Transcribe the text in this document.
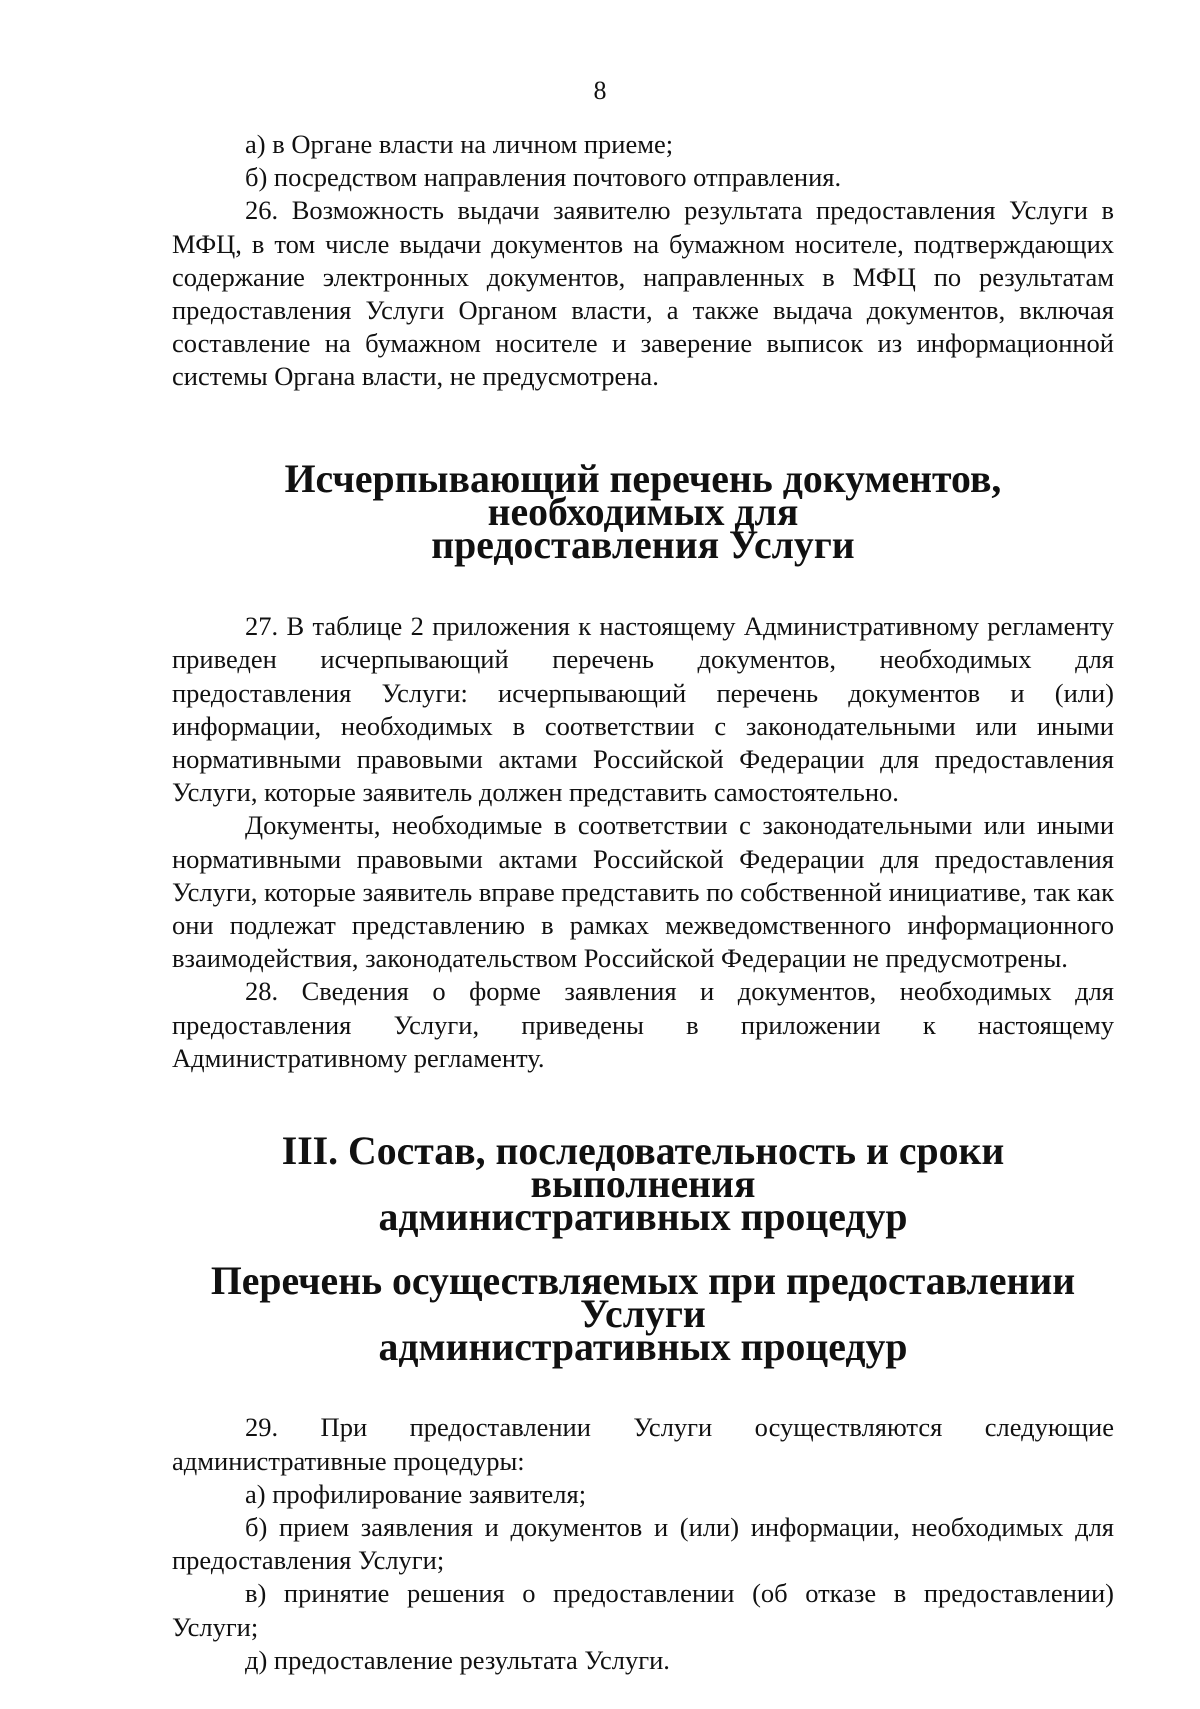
8

а) в Органе власти на личном приеме;

б) посредством направления почтового отправления.

26. Возможность выдачи заявителю результата предоставления Услуги в МФЦ, в том числе выдачи документов на бумажном носителе, подтверждающих содержание электронных документов, направленных в МФЦ по результатам предоставления Услуги Органом власти, а также выдача документов, включая составление на бумажном носителе и заверение выписок из информационной системы Органа власти, не предусмотрена.

Исчерпывающий перечень документов, необходимых для
предоставления Услуги

27. В таблице 2 приложения к настоящему Административному регламенту приведен исчерпывающий перечень документов, необходимых для предоставления Услуги: исчерпывающий перечень документов и (или) информации, необходимых в соответствии с законодательными или иными нормативными правовыми актами Российской Федерации для предоставления Услуги, которые заявитель должен представить самостоятельно.

Документы, необходимые в соответствии с законодательными или иными нормативными правовыми актами Российской Федерации для предоставления Услуги, которые заявитель вправе представить по собственной инициативе, так как они подлежат представлению в рамках межведомственного информационного взаимодействия, законодательством Российской Федерации не предусмотрены.

28. Сведения о форме заявления и документов, необходимых для предоставления Услуги, приведены в приложении к настоящему Административному регламенту.

III. Состав, последовательность и сроки выполнения
административных процедур
Перечень осуществляемых при предоставлении Услуги
административных процедур

29. При предоставлении Услуги осуществляются следующие административные процедуры:

а) профилирование заявителя;

б) прием заявления и документов и (или) информации, необходимых для предоставления Услуги;

в) принятие решения о предоставлении (об отказе в предоставлении) Услуги;

д) предоставление результата Услуги.
